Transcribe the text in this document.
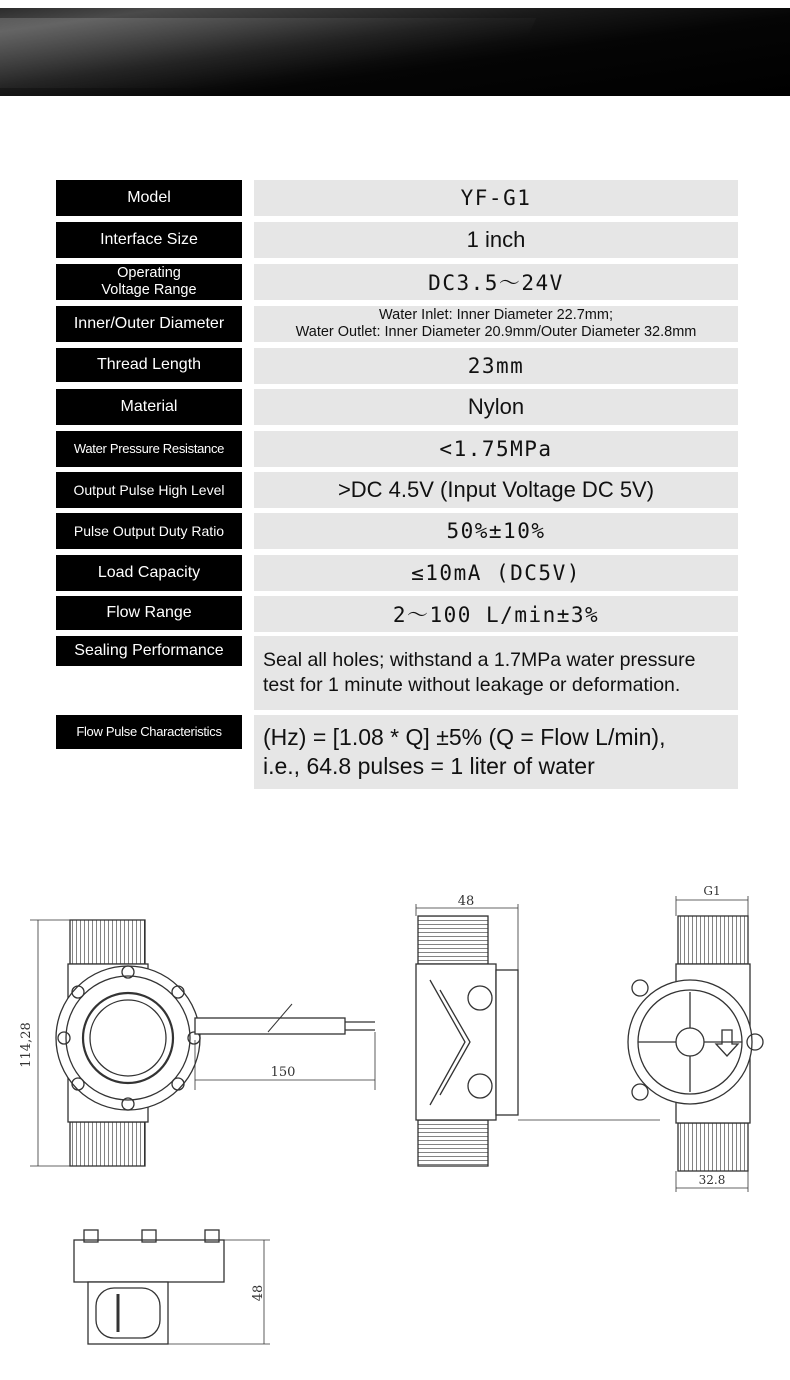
Model	YF-G1
Interface Size	1 inch
Operating
Voltage Range	DC3.5～24V
Inner/Outer Diameter	Water Inlet: Inner Diameter 22.7mm;
Water Outlet: Inner Diameter 20.9mm/Outer Diameter 32.8mm
Thread Length	23mm
Material	Nylon
Water Pressure Resistance	<1.75MPa
Output Pulse High Level	>DC 4.5V (Input Voltage DC 5V)
Pulse Output Duty Ratio	50%±10%
Load Capacity	≤10mA (DC5V)
Flow Range	2～100 L/min±3%
Sealing Performance	Seal all holes; withstand a 1.7MPa water pressure
test for 1 minute without leakage or deformation.
Flow Pulse Characteristics	(Hz) = [1.08 * Q] ±5% (Q = Flow L/min),
i.e., 64.8 pulses = 1 liter of water
150
114,28
48
G1
32.8
48
